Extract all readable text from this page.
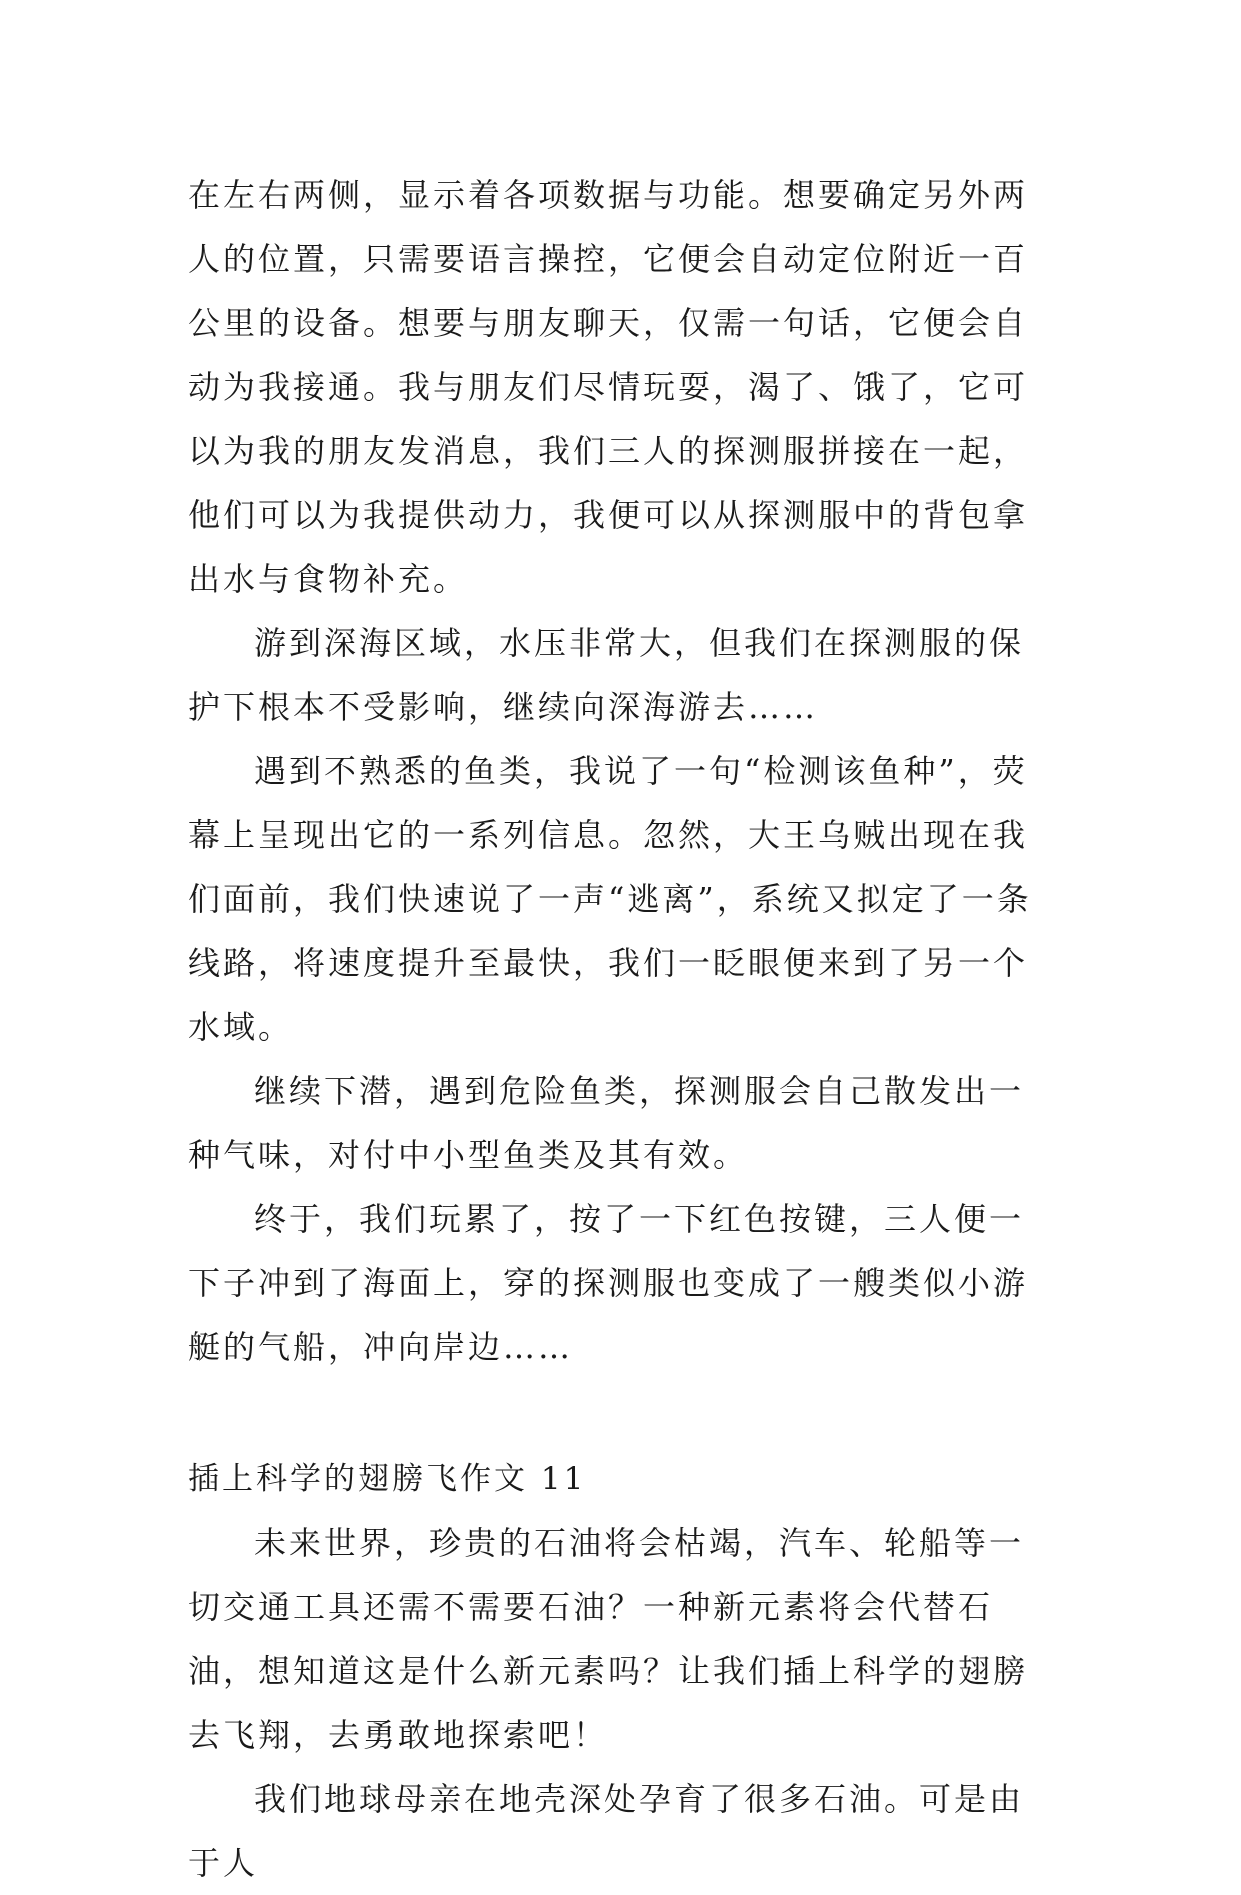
在左右两侧，显示着各项数据与功能。想要确定另外两人的位置，只需要语言操控，它便会自动定位附近一百公里的设备。想要与朋友聊天，仅需一句话，它便会自动为我接通。我与朋友们尽情玩耍，渴了、饿了，它可以为我的朋友发消息，我们三人的探测服拼接在一起，他们可以为我提供动力，我便可以从探测服中的背包拿出水与食物补充。

游到深海区域，水压非常大，但我们在探测服的保护下根本不受影响，继续向深海游去……

遇到不熟悉的鱼类，我说了一句“检测该鱼种”，荧幕上呈现出它的一系列信息。忽然，大王乌贼出现在我们面前，我们快速说了一声“逃离”，系统又拟定了一条线路，将速度提升至最快，我们一眨眼便来到了另一个水域。

继续下潜，遇到危险鱼类，探测服会自己散发出一种气味，对付中小型鱼类及其有效。

终于，我们玩累了，按了一下红色按键，三人便一下子冲到了海面上，穿的探测服也变成了一艘类似小游艇的气船，冲向岸边……

插上科学的翅膀飞作文 11

未来世界，珍贵的石油将会枯竭，汽车、轮船等一切交通工具还需不需要石油？一种新元素将会代替石油，想知道这是什么新元素吗？让我们插上科学的翅膀去飞翔，去勇敢地探索吧！

我们地球母亲在地壳深处孕育了很多石油。可是由于人
